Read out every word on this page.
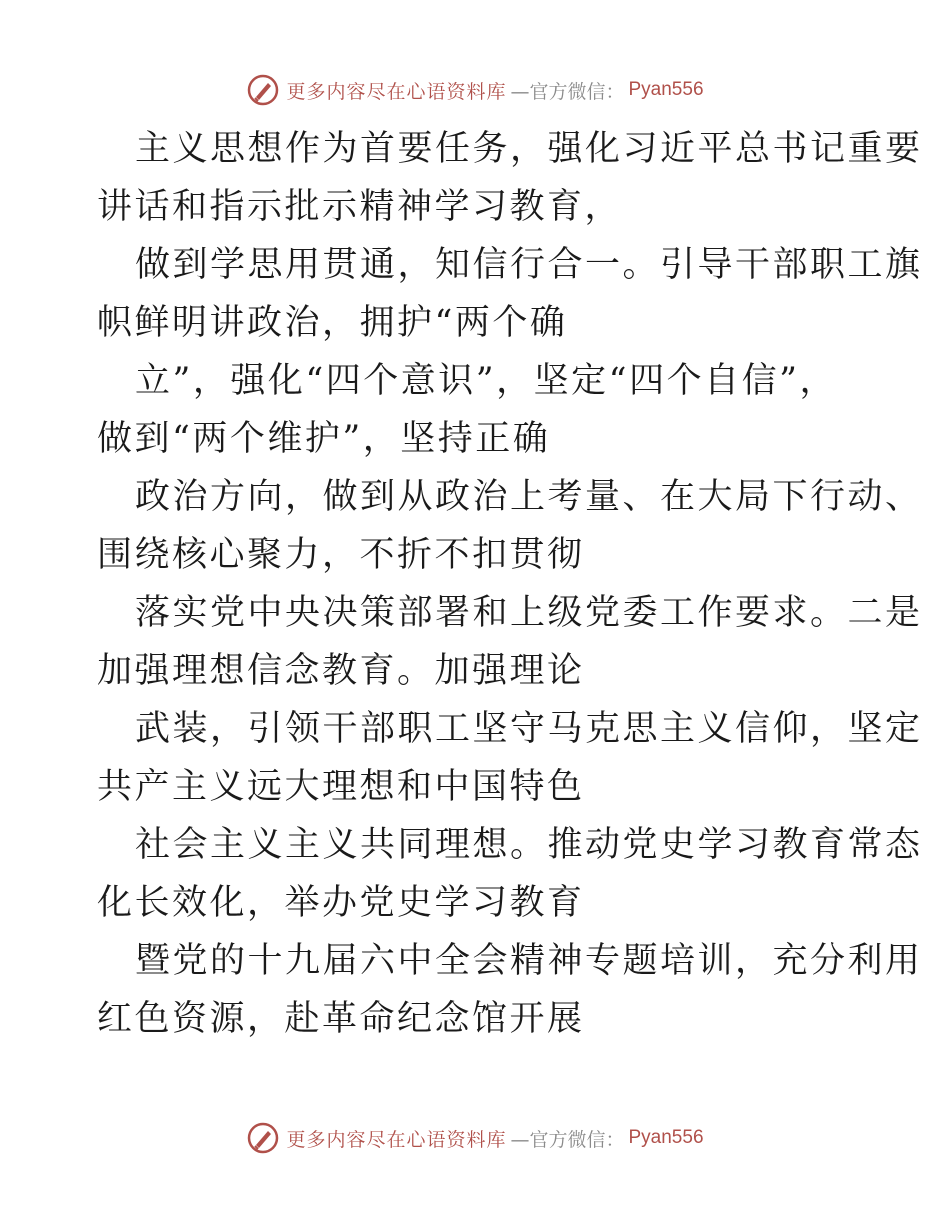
更多内容尽在心语资料库 —官方微信： Pyan556
主义思想作为首要任务，强化习近平总书记重要
讲话和指示批示精神学习教育，
做到学思用贯通，知信行合一。引导干部职工旗
帜鲜明讲政治，拥护“两个确
立”，强化“四个意识”，坚定“四个自信”，
做到“两个维护”，坚持正确
政治方向，做到从政治上考量、在大局下行动、
围绕核心聚力，不折不扣贯彻
落实党中央决策部署和上级党委工作要求。二是
加强理想信念教育。加强理论
武装，引领干部职工坚守马克思主义信仰，坚定
共产主义远大理想和中国特色
社会主义主义共同理想。推动党史学习教育常态
化长效化，举办党史学习教育
暨党的十九届六中全会精神专题培训，充分利用
红色资源，赴革命纪念馆开展
更多内容尽在心语资料库 —官方微信： Pyan556
